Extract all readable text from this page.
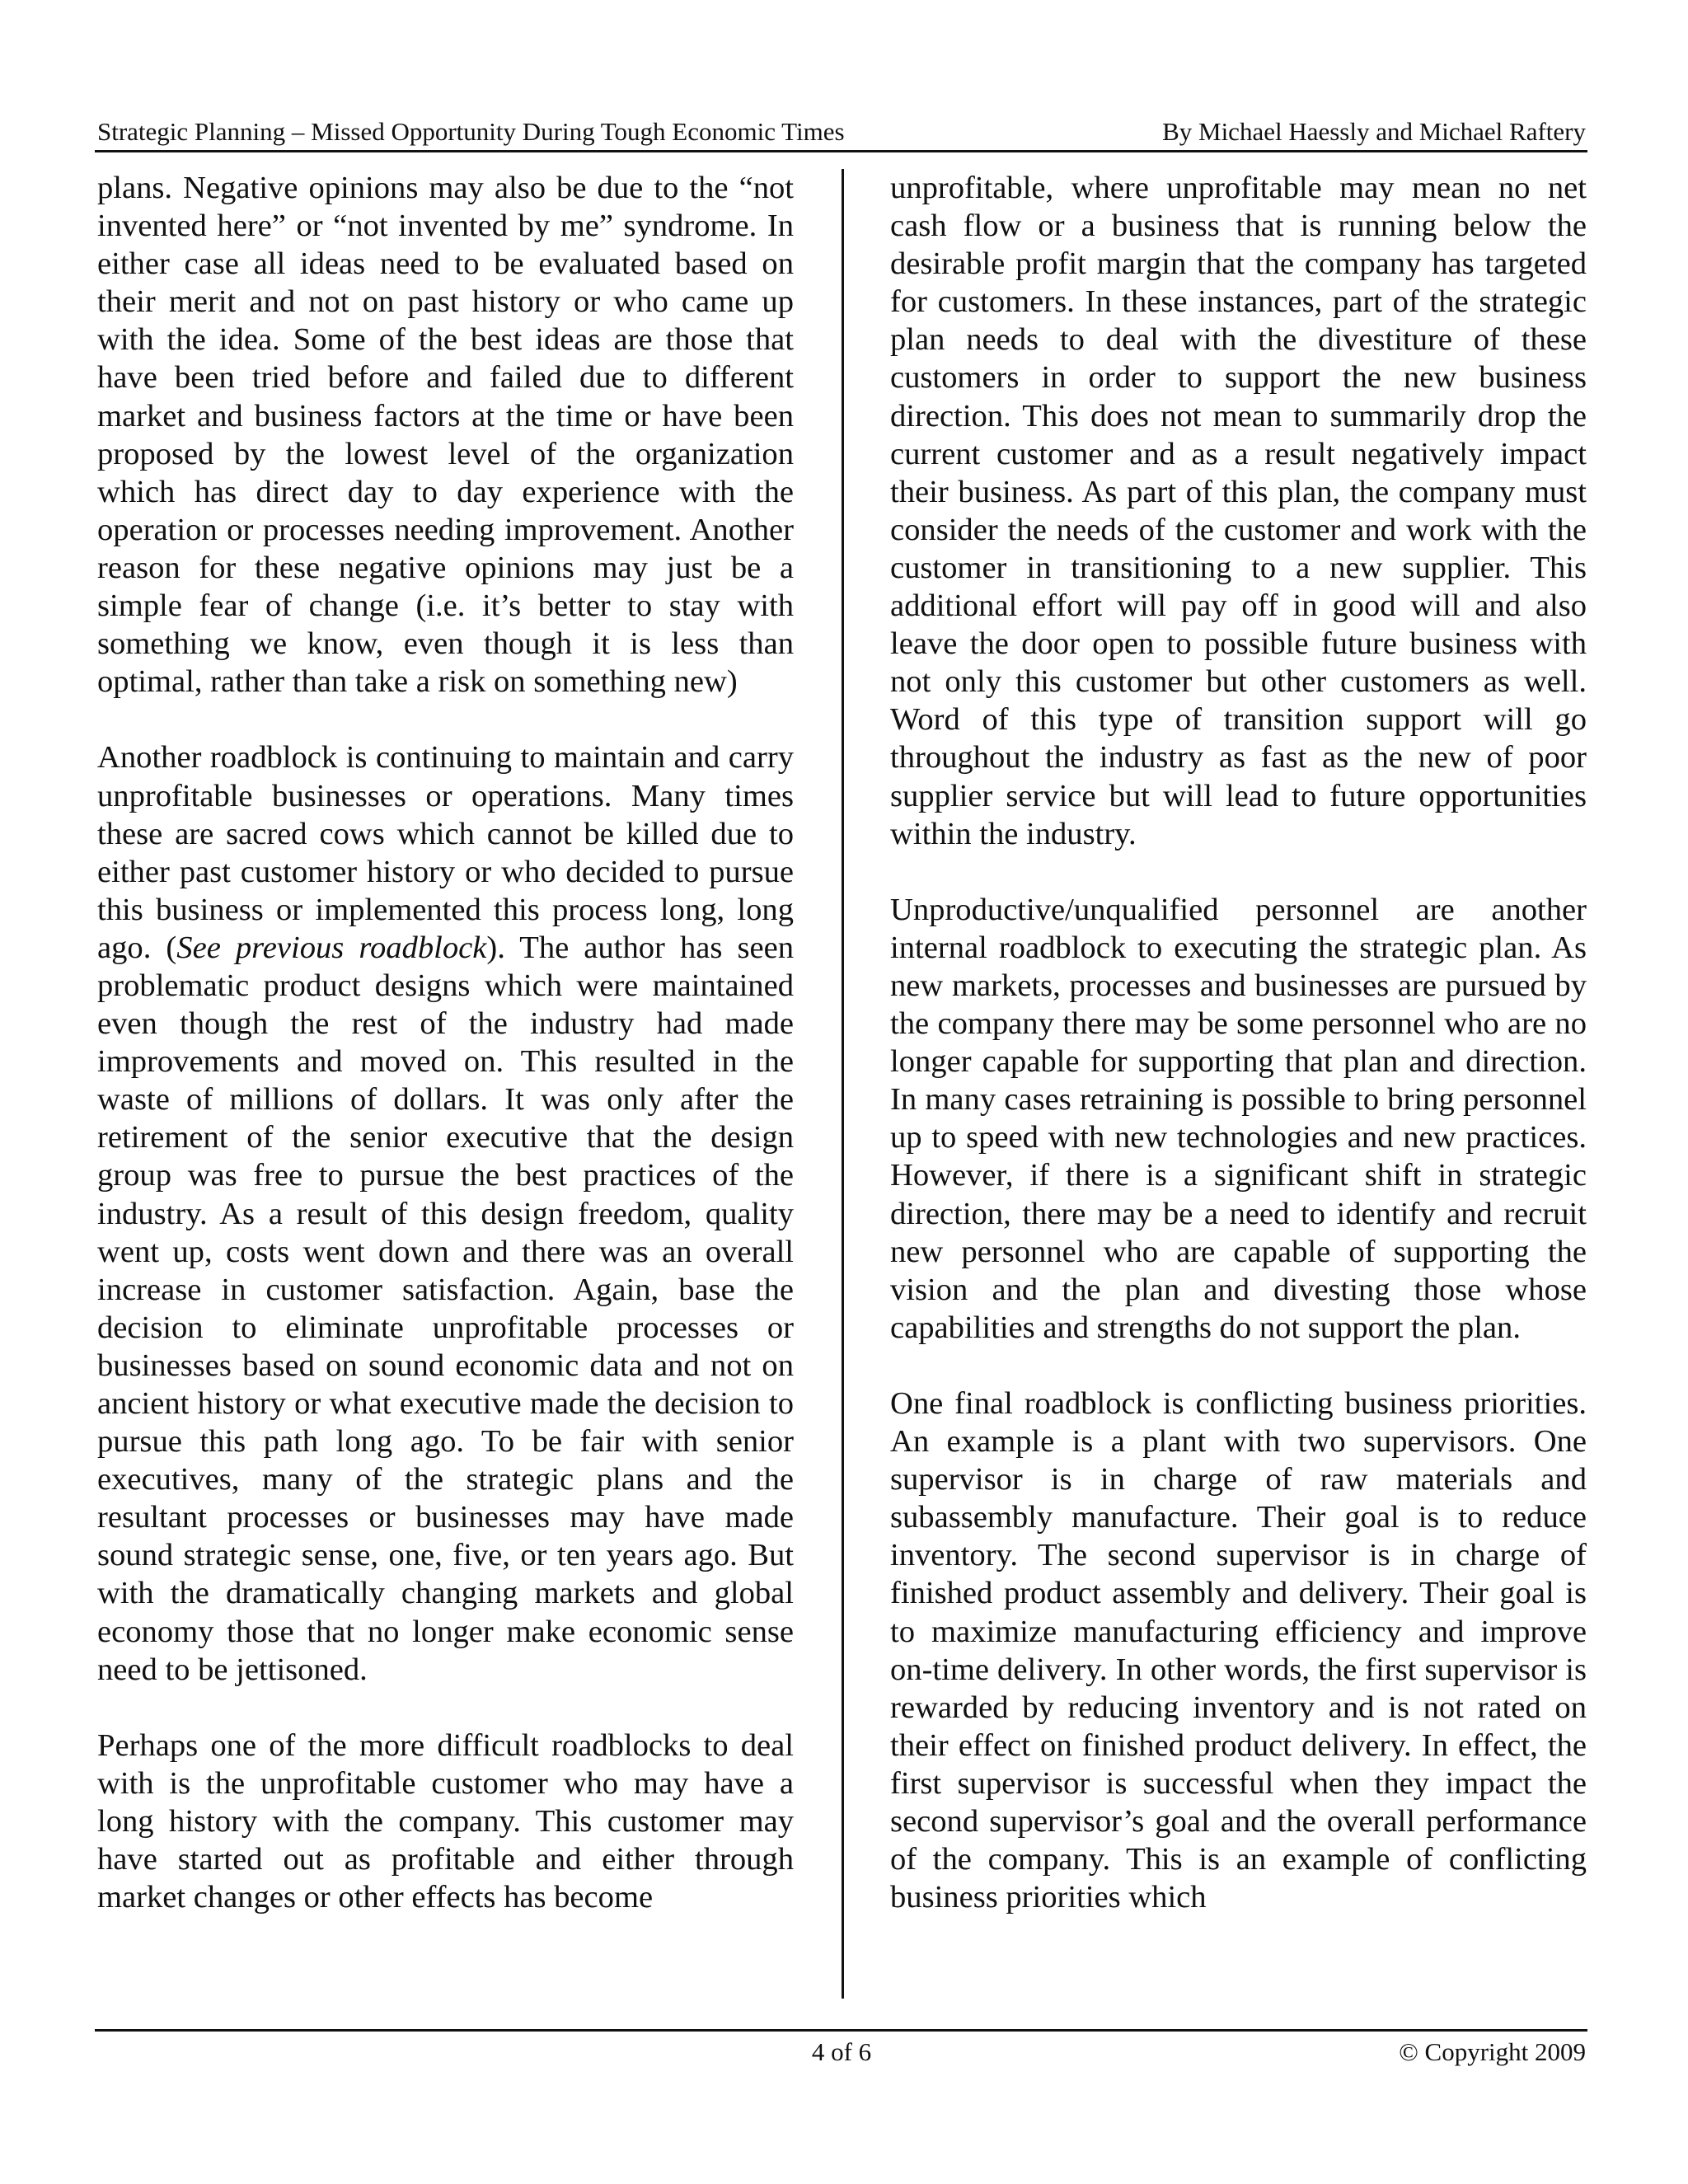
Strategic Planning – Missed Opportunity During Tough Economic Times	By Michael Haessly and Michael Raftery

plans. Negative opinions may also be due to the “not invented here” or “not invented by me” syndrome. In either case all ideas need to be evaluated based on their merit and not on past history or who came up with the idea. Some of the best ideas are those that have been tried before and failed due to different market and business factors at the time or have been proposed by the lowest level of the organization which has direct day to day experience with the operation or processes needing improvement. Another reason for these negative opinions may just be a simple fear of change (i.e. it’s better to stay with something we know, even though it is less than optimal, rather than take a risk on something new)

Another roadblock is continuing to maintain and carry unprofitable businesses or operations. Many times these are sacred cows which cannot be killed due to either past customer history or who decided to pursue this business or implemented this process long, long ago. (See previous roadblock). The author has seen problematic product designs which were maintained even though the rest of the industry had made improvements and moved on. This resulted in the waste of millions of dollars. It was only after the retirement of the senior executive that the design group was free to pursue the best practices of the industry. As a result of this design freedom, quality went up, costs went down and there was an overall increase in customer satisfaction. Again, base the decision to eliminate unprofitable processes or businesses based on sound economic data and not on ancient history or what executive made the decision to pursue this path long ago. To be fair with senior executives, many of the strategic plans and the resultant processes or businesses may have made sound strategic sense, one, five, or ten years ago. But with the dramatically changing markets and global economy those that no longer make economic sense need to be jettisoned.

Perhaps one of the more difficult roadblocks to deal with is the unprofitable customer who may have a long history with the company. This customer may have started out as profitable and either through market changes or other effects has become

unprofitable, where unprofitable may mean no net cash flow or a business that is running below the desirable profit margin that the company has targeted for customers. In these instances, part of the strategic plan needs to deal with the divestiture of these customers in order to support the new business direction. This does not mean to summarily drop the current customer and as a result negatively impact their business. As part of this plan, the company must consider the needs of the customer and work with the customer in transitioning to a new supplier. This additional effort will pay off in good will and also leave the door open to possible future business with not only this customer but other customers as well. Word of this type of transition support will go throughout the industry as fast as the new of poor supplier service but will lead to future opportunities within the industry.

Unproductive/unqualified personnel are another internal roadblock to executing the strategic plan. As new markets, processes and businesses are pursued by the company there may be some personnel who are no longer capable for supporting that plan and direction. In many cases retraining is possible to bring personnel up to speed with new technologies and new practices. However, if there is a significant shift in strategic direction, there may be a need to identify and recruit new personnel who are capable of supporting the vision and the plan and divesting those whose capabilities and strengths do not support the plan.

One final roadblock is conflicting business priorities. An example is a plant with two supervisors. One supervisor is in charge of raw materials and subassembly manufacture. Their goal is to reduce inventory. The second supervisor is in charge of finished product assembly and delivery. Their goal is to maximize manufacturing efficiency and improve on-time delivery. In other words, the first supervisor is rewarded by reducing inventory and is not rated on their effect on finished product delivery. In effect, the first supervisor is successful when they impact the second supervisor’s goal and the overall performance of the company. This is an example of conflicting business priorities which

4 of 6	© Copyright 2009
